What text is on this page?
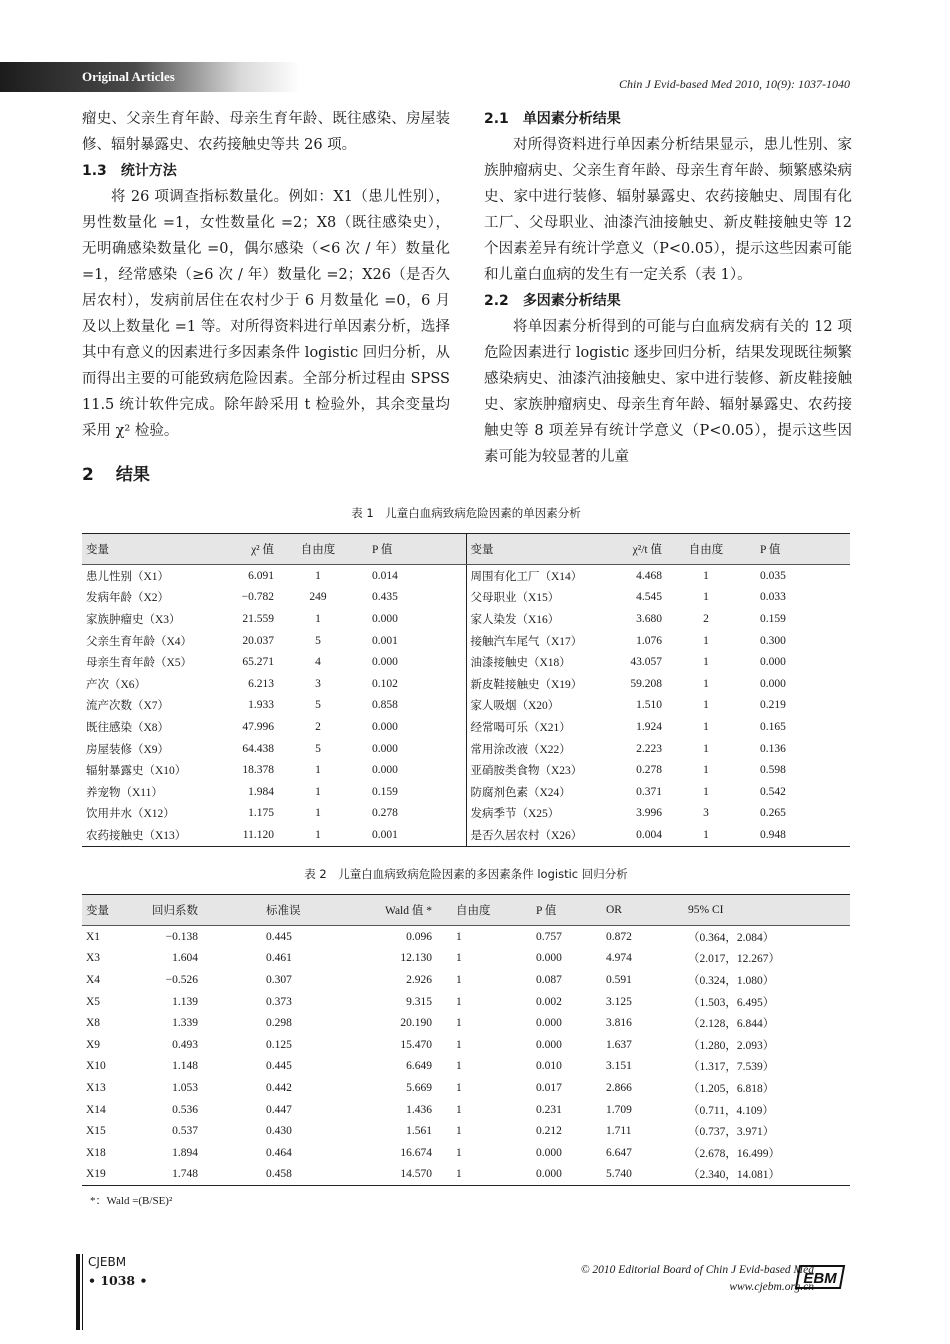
Original Articles	Chin J Evid-based Med 2010, 10(9): 1037-1040

瘤史、父亲生育年龄、母亲生育年龄、既往感染、房屋装修、辐射暴露史、农药接触史等共 26 项。

1.3 统计方法

将 26 项调查指标数量化。例如：X1（患儿性别），男性数量化 =1，女性数量化 =2；X8（既往感染史），无明确感染数量化 =0，偶尔感染（<6 次 / 年）数量化 =1，经常感染（≥6 次 / 年）数量化 =2；X26（是否久居农村），发病前居住在农村少于 6 月数量化 =0，6 月及以上数量化 =1 等。对所得资料进行单因素分析，选择其中有意义的因素进行多因素条件 logistic 回归分析，从而得出主要的可能致病危险因素。全部分析过程由 SPSS 11.5 统计软件完成。除年龄采用 t 检验外，其余变量均采用 χ² 检验。

2 结果
2.1 单因素分析结果

对所得资料进行单因素分析结果显示，患儿性别、家族肿瘤病史、父亲生育年龄、母亲生育年龄、频繁感染病史、家中进行装修、辐射暴露史、农药接触史、周围有化工厂、父母职业、油漆汽油接触史、新皮鞋接触史等 12 个因素差异有统计学意义（P<0.05），提示这些因素可能和儿童白血病的发生有一定关系（表 1）。

2.2 多因素分析结果

将单因素分析得到的可能与白血病发病有关的 12 项危险因素进行 logistic 逐步回归分析，结果发现既往频繁感染病史、油漆汽油接触史、家中进行装修、新皮鞋接触史、家族肿瘤病史、母亲生育年龄、辐射暴露史、农药接触史等 8 项差异有统计学意义（P<0.05），提示这些因素可能为较显著的儿童

表 1　儿童白血病致病危险因素的单因素分析
变量	χ² 值	自由度	P 值	变量	χ²/t 值	自由度	P 值
患儿性别（X1）	6.091	1	0.014	周围有化工厂（X14）	4.468	1	0.035
发病年龄（X2）	−0.782	249	0.435	父母职业（X15）	4.545	1	0.033
家族肿瘤史（X3）	21.559	1	0.000	家人染发（X16）	3.680	2	0.159
父亲生育年龄（X4）	20.037	5	0.001	接触汽车尾气（X17）	1.076	1	0.300
母亲生育年龄（X5）	65.271	4	0.000	油漆接触史（X18）	43.057	1	0.000
产次（X6）	6.213	3	0.102	新皮鞋接触史（X19）	59.208	1	0.000
流产次数（X7）	1.933	5	0.858	家人吸烟（X20）	1.510	1	0.219
既往感染（X8）	47.996	2	0.000	经常喝可乐（X21）	1.924	1	0.165
房屋装修（X9）	64.438	5	0.000	常用涂改液（X22）	2.223	1	0.136
辐射暴露史（X10）	18.378	1	0.000	亚硝胺类食物（X23）	0.278	1	0.598
养宠物（X11）	1.984	1	0.159	防腐剂色素（X24）	0.371	1	0.542
饮用井水（X12）	1.175	1	0.278	发病季节（X25）	3.996	3	0.265
农药接触史（X13）	11.120	1	0.001	是否久居农村（X26）	0.004	1	0.948
表 2　儿童白血病致病危险因素的多因素条件 logistic 回归分析
变量	回归系数	标准误	Wald 值 *	自由度	P 值	OR	95% CI
X1	−0.138	0.445	0.096	1	0.757	0.872	（0.364，2.084）
X3	1.604	0.461	12.130	1	0.000	4.974	（2.017，12.267）
X4	−0.526	0.307	2.926	1	0.087	0.591	（0.324，1.080）
X5	1.139	0.373	9.315	1	0.002	3.125	（1.503，6.495）
X8	1.339	0.298	20.190	1	0.000	3.816	（2.128，6.844）
X9	0.493	0.125	15.470	1	0.000	1.637	（1.280，2.093）
X10	1.148	0.445	6.649	1	0.010	3.151	（1.317，7.539）
X13	1.053	0.442	5.669	1	0.017	2.866	（1.205，6.818）
X14	0.536	0.447	1.436	1	0.231	1.709	（0.711，4.109）
X15	0.537	0.430	1.561	1	0.212	1.711	（0.737，3.971）
X18	1.894	0.464	16.674	1	0.000	6.647	（2.678，16.499）
X19	1.748	0.458	14.570	1	0.000	5.740	（2.340，14.081）
*：Wald =(B/SE)²
CJEBM
• 1038 •
© 2010 Editorial Board of Chin J Evid-based Med
www.cjebm.org.cn
EBM
